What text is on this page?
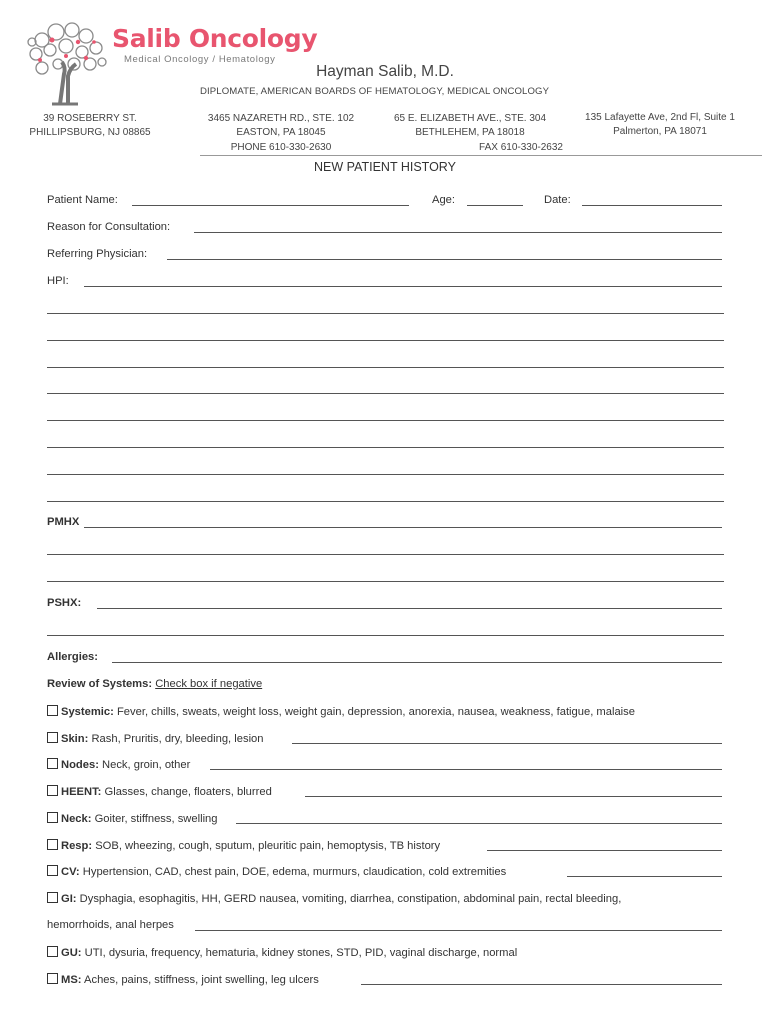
Salib Oncology
Medical Oncology / Hematology
Hayman Salib, M.D.
DIPLOMATE, AMERICAN BOARDS OF HEMATOLOGY, MEDICAL ONCOLOGY
39 ROSEBERRY ST.
PHILLIPSBURG, NJ 08865
3465 NAZARETH RD., STE. 102
EASTON, PA 18045
65 E. ELIZABETH AVE., STE. 304
BETHLEHEM, PA 18018
135 Lafayette Ave, 2nd Fl, Suite 1
Palmerton, PA 18071
PHONE 610-330-2630	FAX 610-330-2632
NEW PATIENT HISTORY
Patient Name:	Age:	Date:
Reason for Consultation:
Referring Physician:
HPI:
PMHX
PSHX:
Allergies:
Review of Systems: Check box if negative
Systemic: Fever, chills, sweats, weight loss, weight gain, depression, anorexia, nausea, weakness, fatigue, malaise
Skin: Rash, Pruritis, dry, bleeding, lesion
Nodes: Neck, groin, other
HEENT: Glasses, change, floaters, blurred
Neck: Goiter, stiffness, swelling
Resp: SOB, wheezing, cough, sputum, pleuritic pain, hemoptysis, TB history
CV: Hypertension, CAD, chest pain, DOE, edema, murmurs, claudication, cold extremities
GI: Dysphagia, esophagitis, HH, GERD nausea, vomiting, diarrhea, constipation, abdominal pain, rectal bleeding,
hemorrhoids, anal herpes
GU: UTI, dysuria, frequency, hematuria, kidney stones, STD, PID, vaginal discharge, normal
MS: Aches, pains, stiffness, joint swelling, leg ulcers
